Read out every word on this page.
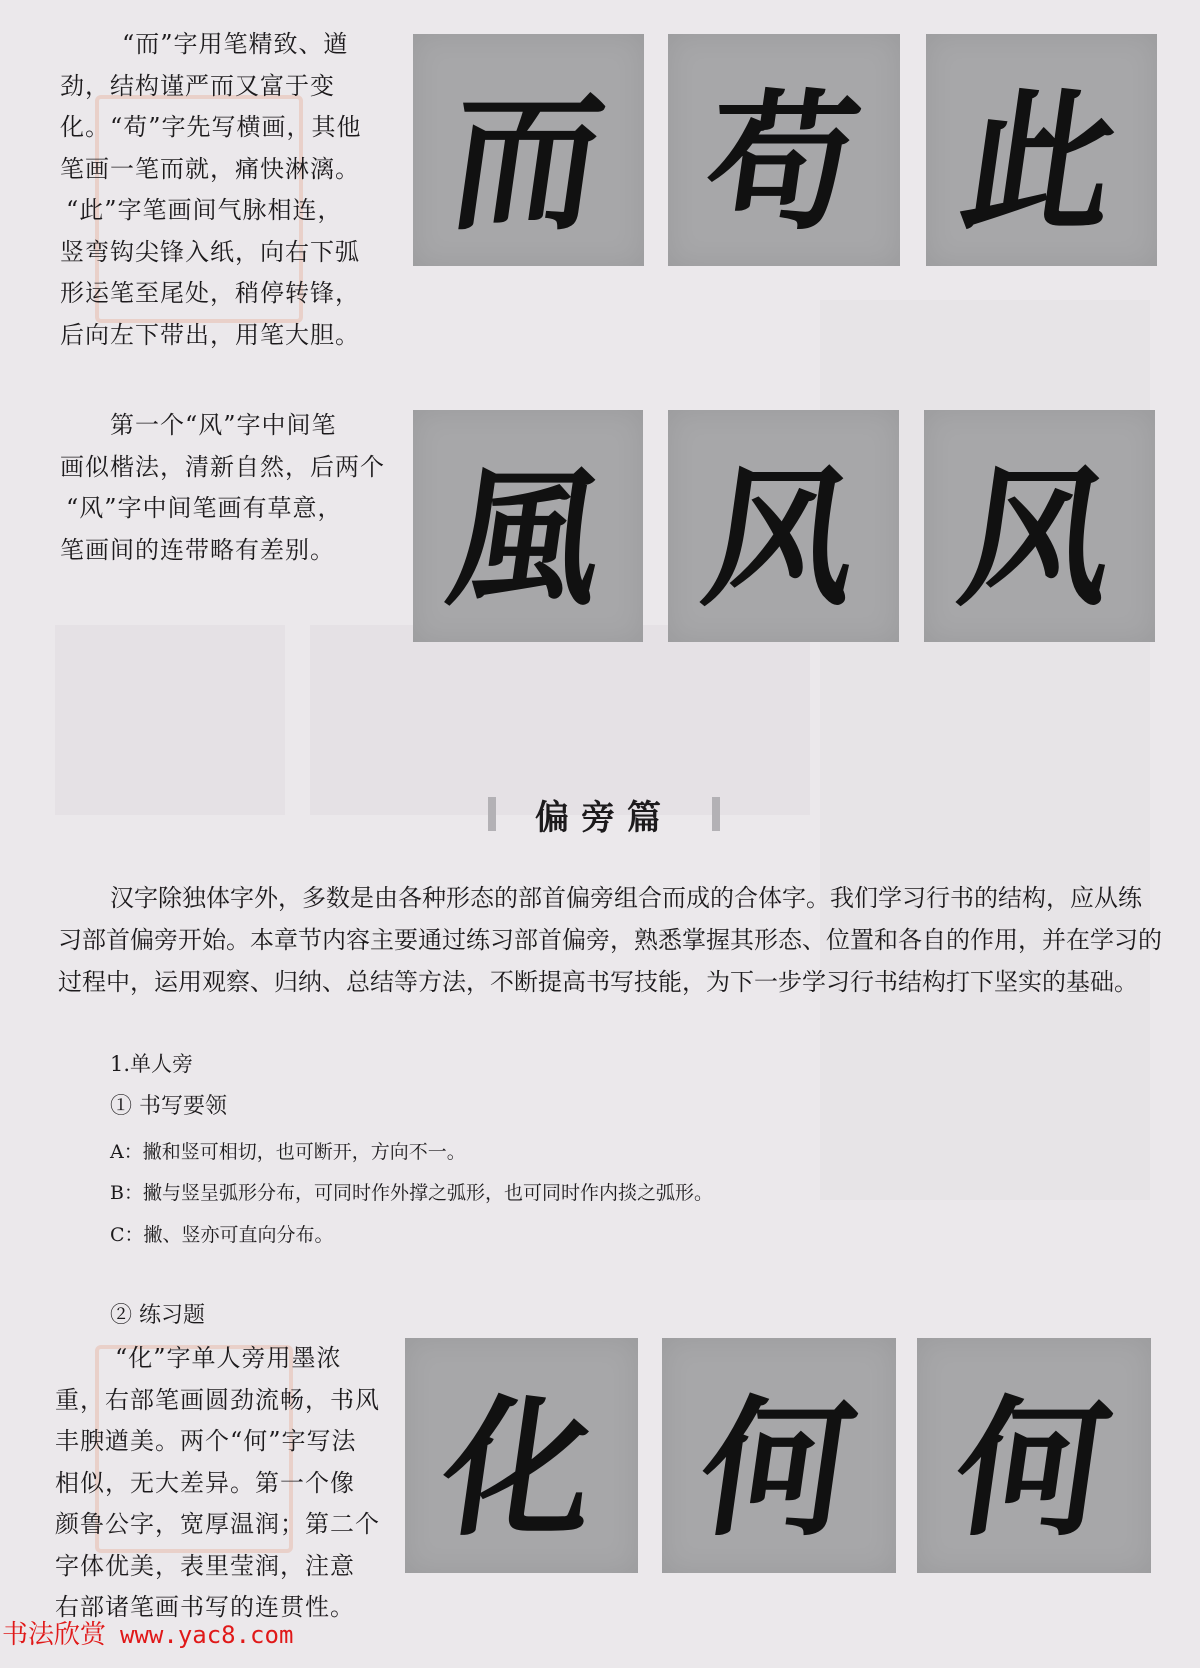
“而”字用笔精致、遒
劲，结构谨严而又富于变
化。“苟”字先写横画，其他
笔画一笔而就，痛快淋漓。
“此”字笔画间气脉相连，
竖弯钩尖锋入纸，向右下弧
形运笔至尾处，稍停转锋，
后向左下带出，用笔大胆。
而 苟 此
第一个“风”字中间笔
画似楷法，清新自然，后两个
“风”字中间笔画有草意，
笔画间的连带略有差别。 風 风 风
偏旁篇
汉字除独体字外，多数是由各种形态的部首偏旁组合而成的合体字。我们学习行书的结构，应从练
习部首偏旁开始。本章节内容主要通过练习部首偏旁，熟悉掌握其形态、位置和各自的作用，并在学习的
过程中，运用观察、归纳、总结等方法，不断提高书写技能，为下一步学习行书结构打下坚实的基础。
1.单人旁
① 书写要领
A：撇和竖可相切，也可断开，方向不一。
B：撇与竖呈弧形分布，可同时作外撑之弧形，也可同时作内掞之弧形。
C：撇、竖亦可直向分布。
② 练习题
“化”字单人旁用墨浓
重，右部笔画圆劲流畅，书风
丰腴遒美。两个“何”字写法
相似，无大差异。第一个像
颜鲁公字，宽厚温润；第二个
字体优美，表里莹润，注意
右部诸笔画书写的连贯性。
化 何 何
书法欣赏 www.yac8.com
